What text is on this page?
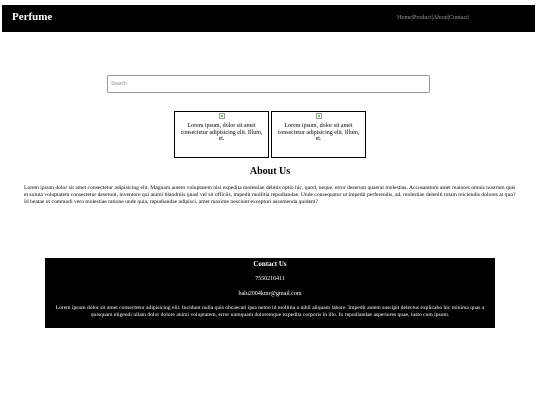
Perfume	Home|Product|About|Contact|
Search
Lorem ipsum, dolor sit amet consectetur adipisicing elit. Illum, et.
Lorem ipsum, dolor sit amet consectetur adipisicing elit. Illum, et.
About Us
Lorem ipsum dolor sit amet consectetur adipisicing elit. Magnam autem voluptatem nisi expedita molestiae debitis optio hic, quod, neque, error deserunt quaerat molestias. Accusantium amet maiores omnis nostrum quis et soluta voluptatem consectetur deserunt, inventore qui animi blanditiis quasi vel sit officiis, impedit mollitia repudiandae. Unde consequatur ut impedit perferendis, ad, molestiae deleniti totam reiciendis dolores at quo? Id beatae ut commodi vero molestiae ratione unde quia, repudiandae adipisci, amet maxime nesciunt excepturi assumenda quidem?
Contact Us
7550216411
balu2004kmr@gmail.com
Lorem ipsum dolor sit amet consectetur adipisicing elit. Incidunt nulla quis obcaecati ipsa nemo id mollitia a nihil aliquam labore. Impedit autem suscipit delectus explicabo hic minima quas a quisquam eligendi ullam dolor dolore animi voluptatem, error numquam doloremque expedita corporis in illo. In repudiandae asperiores quae, iusto cum ipsum.
